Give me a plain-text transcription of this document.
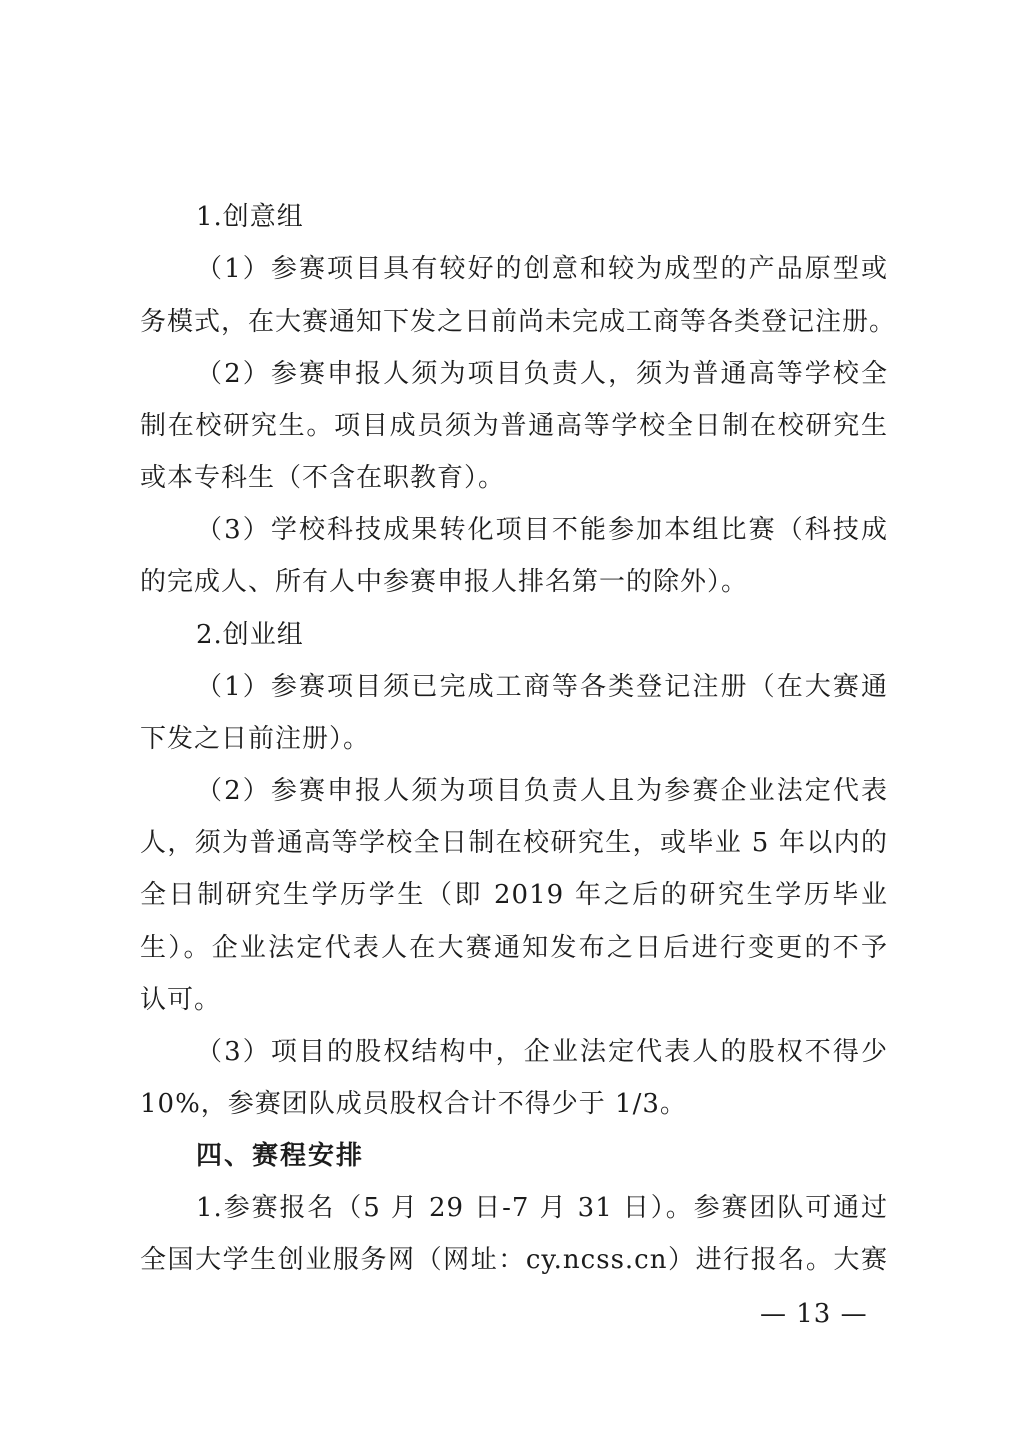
1.创意组
（1）参赛项目具有较好的创意和较为成型的产品原型或
务模式，在大赛通知下发之日前尚未完成工商等各类登记注册。
（2）参赛申报人须为项目负责人，须为普通高等学校全
制在校研究生。项目成员须为普通高等学校全日制在校研究生
或本专科生（不含在职教育）。
（3）学校科技成果转化项目不能参加本组比赛（科技成
的完成人、所有人中参赛申报人排名第一的除外）。
2.创业组
（1）参赛项目须已完成工商等各类登记注册（在大赛通
下发之日前注册）。
（2）参赛申报人须为项目负责人且为参赛企业法定代表
人，须为普通高等学校全日制在校研究生，或毕业 5 年以内的
全日制研究生学历学生（即 2019 年之后的研究生学历毕业
生）。企业法定代表人在大赛通知发布之日后进行变更的不予
认可。
（3）项目的股权结构中，企业法定代表人的股权不得少
10%，参赛团队成员股权合计不得少于 1/3。
四、赛程安排
1.参赛报名（5 月 29 日-7 月 31 日）。参赛团队可通过
全国大学生创业服务网（网址：cy.ncss.cn）进行报名。大赛
— 13 —
